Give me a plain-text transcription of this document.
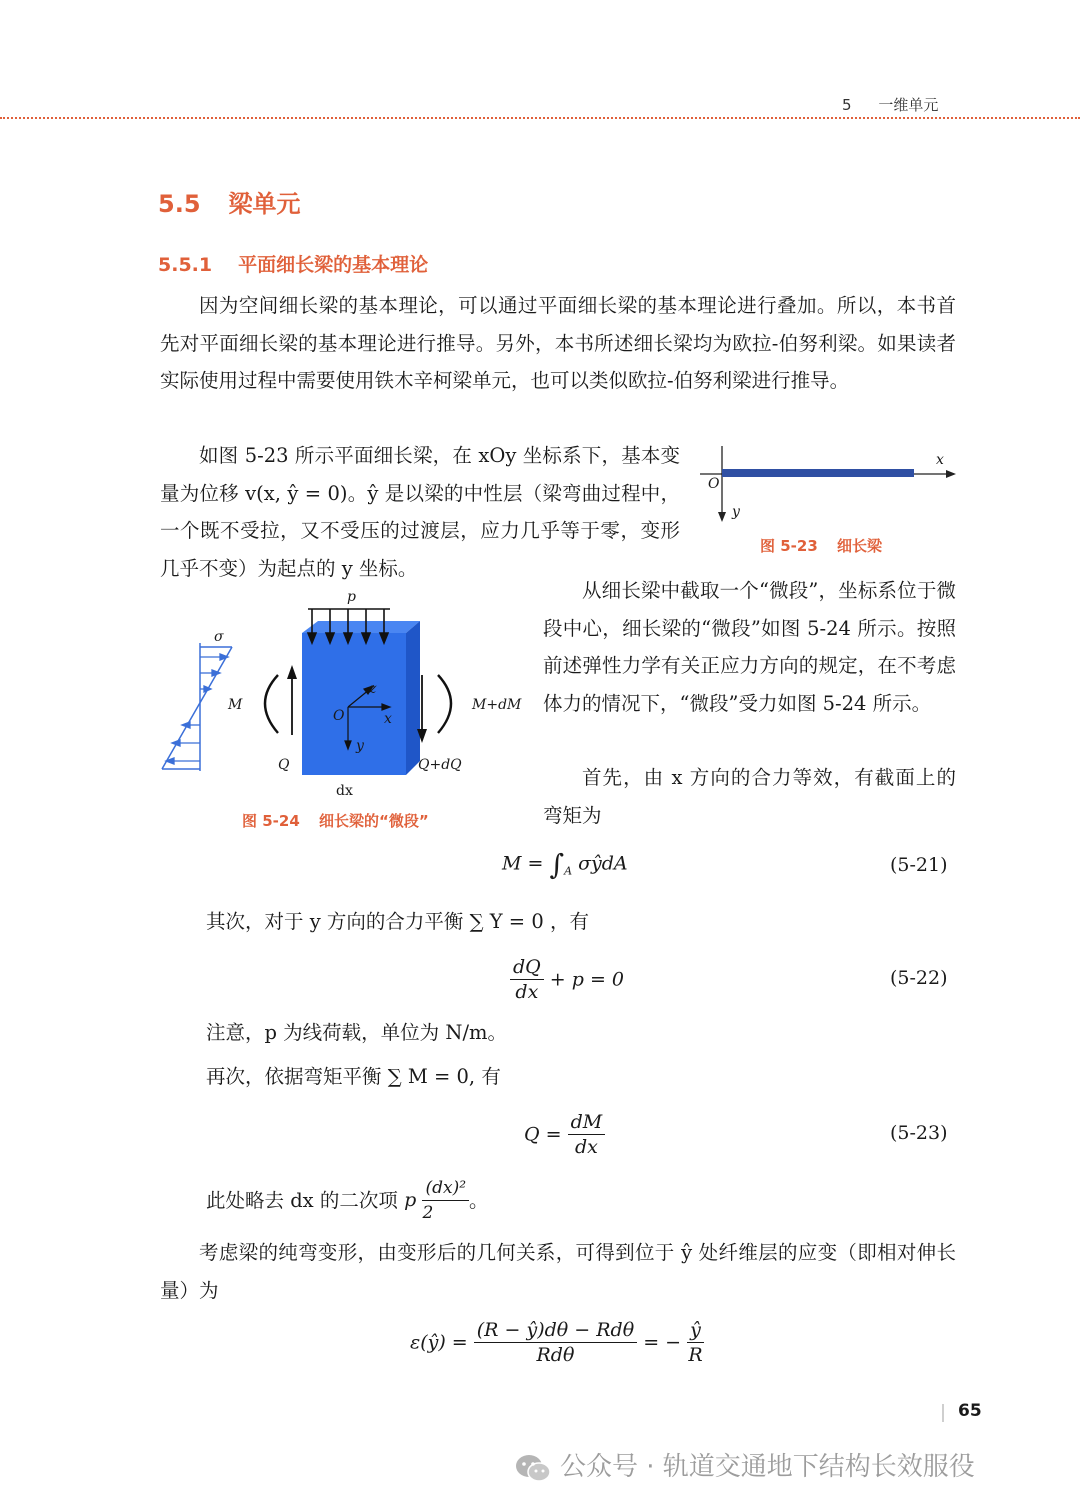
5 一维单元
5.5 梁单元
5.5.1 平面细长梁的基本理论
因为空间细长梁的基本理论，可以通过平面细长梁的基本理论进行叠加。所以，本书首先对平面细长梁的基本理论进行推导。另外，本书所述细长梁均为欧拉-伯努利梁。如果读者实际使用过程中需要使用铁木辛柯梁单元，也可以类似欧拉-伯努利梁进行推导。
如图 5-23 所示平面细长梁，在 xOy 坐标系下，基本变量为位移 v(x, ŷ = 0)。ŷ 是以梁的中性层（梁弯曲过程中，一个既不受拉，又不受压的过渡层，应力几乎等于零，变形几乎不变）为起点的 y 坐标。
x
y
O
图 5-23 细长梁
从细长梁中截取一个“微段”，坐标系位于微段中心，细长梁的“微段”如图 5-24 所示。按照前述弹性力学有关正应力方向的规定，在不考虑体力的情况下，“微段”受力如图 5-24 所示。
首先，由 x 方向的合力等效，有截面上的弯矩为
σ
p
O	x
y
z
M
Q
M+dM
Q+dQ
dx
图 5-24 细长梁的“微段”
$M = \int_A$ σŷdA	(5-21)
其次，对于 y 方向的合力平衡 ∑ Y = 0 ，有
$\frac{dQ}{dx} + p = 0$	(5-22)
注意，p 为线荷载，单位为 N/m。
再次，依据弯矩平衡 ∑ M = 0, 有
$Q = \frac{dM}{dx}$	(5-23)
此处略去 dx 的二次项 p $\frac{\text{(dx)²}}{2}$ 。
考虑梁的纯弯变形，由变形后的几何关系，可得到位于 ŷ 处纤维层的应变（即相对伸长量）为
ε(ŷ) = $\frac{\text{(R − ŷ)dθ − Rdθ}}{\text{Rdθ}}$ = − $\frac{ŷ}{R}$
65
公众号 · 轨道交通地下结构长效服役
